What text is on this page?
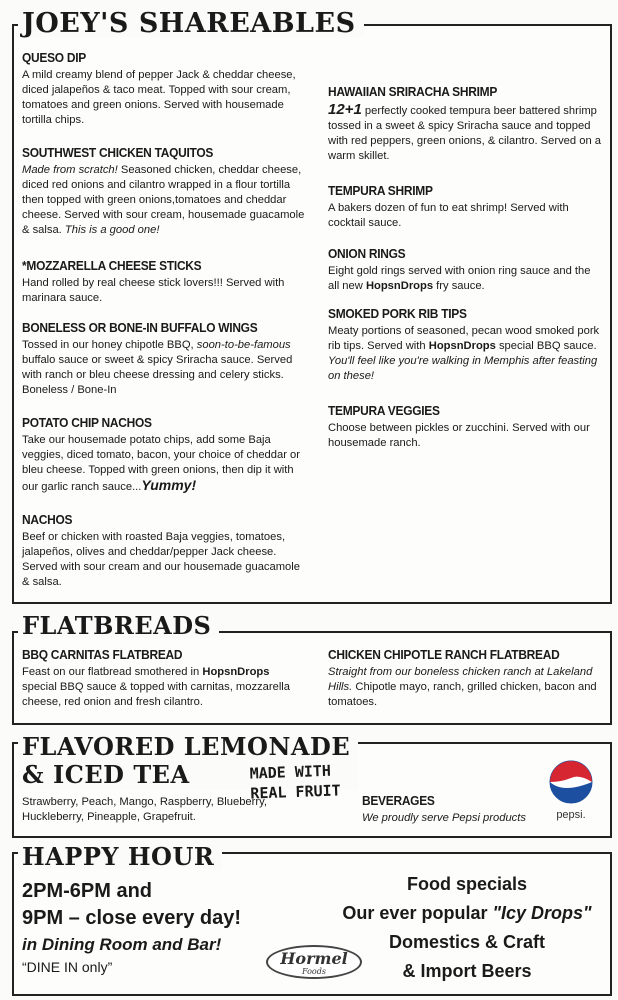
JOEY'S SHAREABLES
QUESO DIP
A mild creamy blend of pepper Jack & cheddar cheese, diced jalapeños & taco meat. Topped with sour cream, tomatoes and green onions. Served with housemade tortilla chips.
SOUTHWEST CHICKEN TAQUITOS
Made from scratch! Seasoned chicken, cheddar cheese, diced red onions and cilantro wrapped in a flour tortilla then topped with green onions,tomatoes and cheddar cheese. Served with sour cream, housemade guacamole & salsa. This is a good one!
*MOZZARELLA CHEESE STICKS
Hand rolled by real cheese stick lovers!!! Served with marinara sauce.
BONELESS OR BONE-IN BUFFALO WINGS
Tossed in our honey chipotle BBQ, soon-to-be-famous buffalo sauce or sweet & spicy Sriracha sauce. Served with ranch or bleu cheese dressing and celery sticks. Boneless / Bone-In
POTATO CHIP NACHOS
Take our housemade potato chips, add some Baja veggies, diced tomato, bacon, your choice of cheddar or bleu cheese. Topped with green onions, then dip it with our garlic ranch sauce...Yummy!
NACHOS
Beef or chicken with roasted Baja veggies, tomatoes, jalapeños, olives and cheddar/pepper Jack cheese. Served with sour cream and our housemade guacamole & salsa.
HAWAIIAN SRIRACHA SHRIMP
12+1 perfectly cooked tempura beer battered shrimp tossed in a sweet & spicy Sriracha sauce and topped with red peppers, green onions, & cilantro. Served on a warm skillet.
TEMPURA SHRIMP
A bakers dozen of fun to eat shrimp! Served with cocktail sauce.
ONION RINGS
Eight gold rings served with onion ring sauce and the all new HopsnDrops fry sauce.
SMOKED PORK RIB TIPS
Meaty portions of seasoned, pecan wood smoked pork rib tips. Served with HopsnDrops special BBQ sauce. You'll feel like you're walking in Memphis after feasting on these!
TEMPURA VEGGIES
Choose between pickles or zucchini. Served with our housemade ranch.
FLATBREADS
BBQ CARNITAS FLATBREAD
Feast on our flatbread smothered in HopsnDrops special BBQ sauce & topped with carnitas, mozzarella cheese, red onion and fresh cilantro.
CHICKEN CHIPOTLE RANCH FLATBREAD
Straight from our boneless chicken ranch at Lakeland Hills. Chipotle mayo, ranch, grilled chicken, bacon and tomatoes.
FLAVORED LEMONADE
& ICED TEA	MADE WITH
REAL FRUIT
Strawberry, Peach, Mango, Raspberry, Blueberry, Huckleberry, Pineapple, Grapefruit.
BEVERAGES
We proudly serve Pepsi products	pepsi.
HAPPY HOUR
2PM-6PM and
9PM – close every day!
in Dining Room and Bar!
“DINE IN only”	Hormel
Foods
Food specials
Our ever popular "Icy Drops"
Domestics & Craft
& Import Beers
